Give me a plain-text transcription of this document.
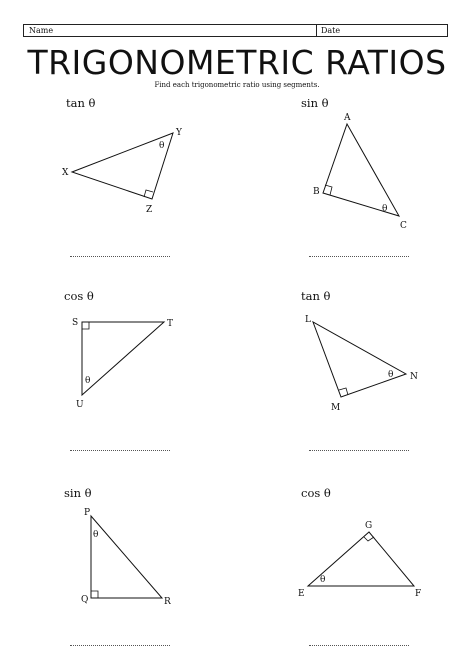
Name	Date
TRIGONOMETRIC RATIOS
Find each trigonometric ratio using segments.
tan θ
X
Y
Z
θ
sin θ
A
B
C
θ
cos θ
S	T
U
θ
tan θ
L
M
N
θ
sin θ
P
Q	R
θ
cos θ
G
E	F
θ
